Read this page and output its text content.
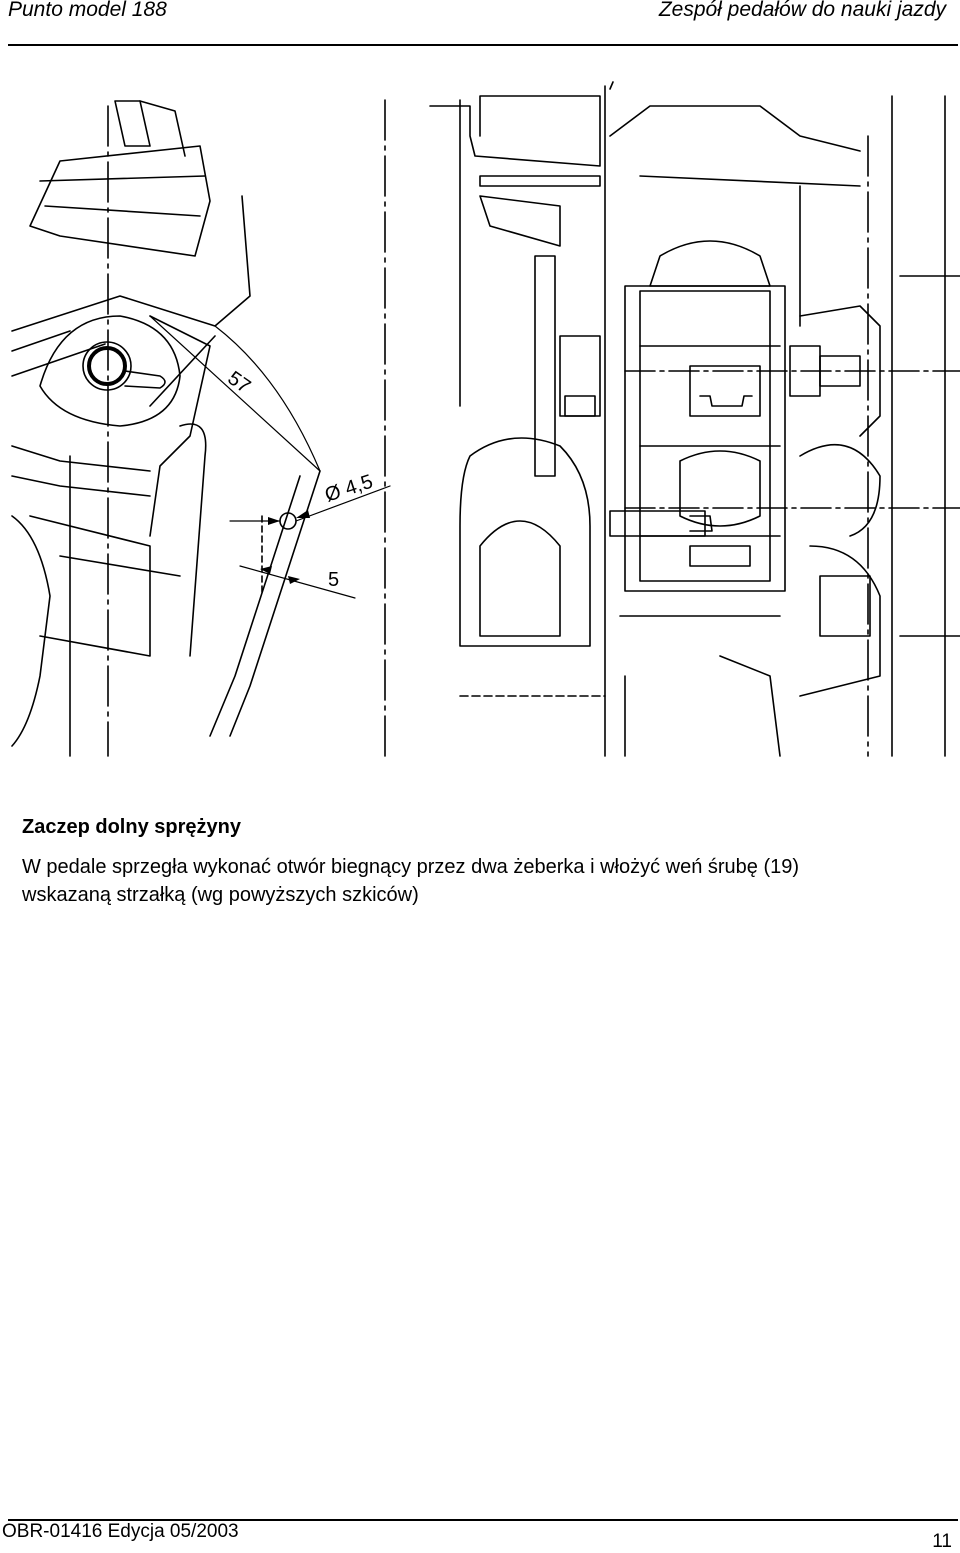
Punto model 188	Zespół pedałów do nauki jazdy
57
Ø 4,5
5
Zaczep dolny sprężyny

W pedale sprzegła wykonać otwór biegnący przez dwa żeberka i włożyć weń śrubę (19)

wskazaną strzałką (wg powyższych szkiców)

OBR-01416 Edycja 05/2003	11
